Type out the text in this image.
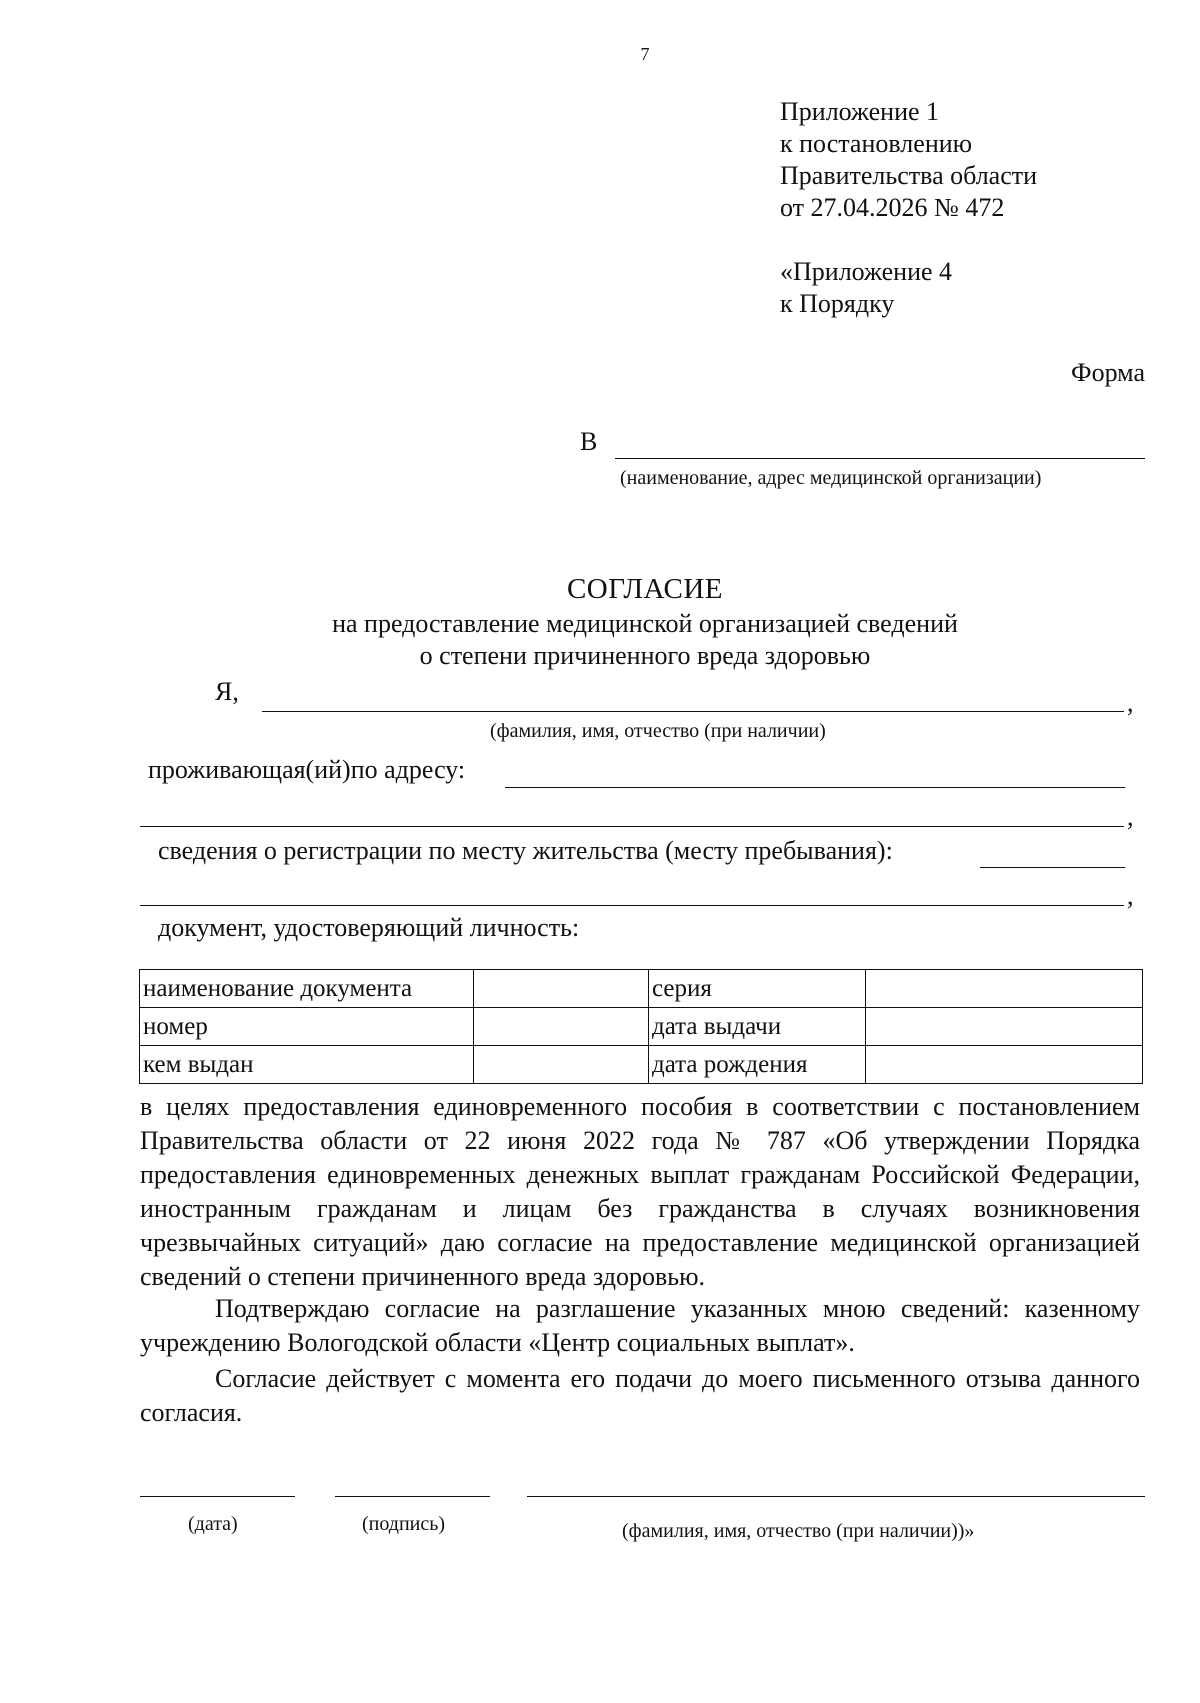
7
Приложение 1
к постановлению
Правительства области
от 27.04.2026 № 472
«Приложение 4
к Порядку
Форма
В
(наименование, адрес медицинской организации)
СОГЛАСИЕ
на предоставление медицинской организацией сведений
о степени причиненного вреда здоровью
Я,	,
(фамилия, имя, отчество (при наличии)
проживающая(ий)по адресу:
,
сведения о регистрации по месту жительства (месту пребывания):
,
документ, удостоверяющий личность:
наименование документа		серия	
номер		дата выдачи	
кем выдан		дата рождения	
в целях предоставления единовременного пособия в соответствии с постановлением Правительства области от 22 июня 2022 года № 787 «Об утверждении Порядка предоставления единовременных денежных выплат гражданам Российской Федерации, иностранным гражданам и лицам без гражданства в случаях возникновения чрезвычайных ситуаций» даю согласие на предоставление медицинской организацией сведений о степени причиненного вреда здоровью.
Подтверждаю согласие на разглашение указанных мною сведений: казенному учреждению Вологодской области «Центр социальных выплат».
Согласие действует с момента его подачи до моего письменного отзыва данного согласия.
(дата)	(подпись)	(фамилия, имя, отчество (при наличии))»
